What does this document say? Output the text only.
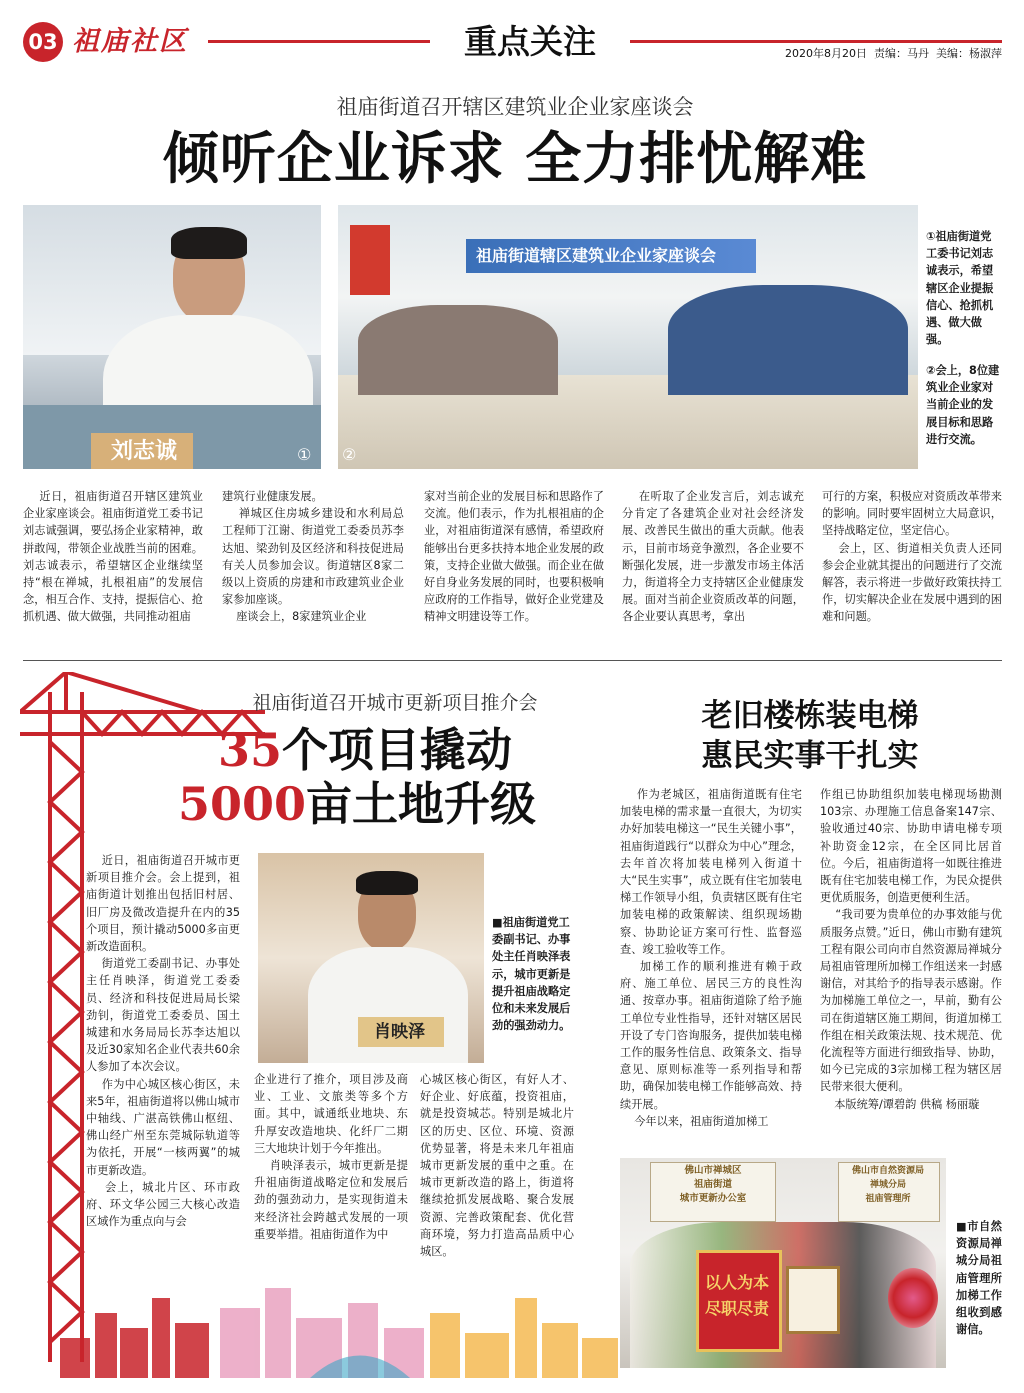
03 祖庙社区	重点关注	2020年8月20日  责编：马丹  美编：杨淑萍
祖庙街道召开辖区建筑业企业家座谈会
倾听企业诉求 全力排忧解难
刘志诚	①
祖庙街道辖区建筑业企业家座谈会
②
①祖庙街道党工委书记刘志诚表示，希望辖区企业提振信心、抢抓机遇、做大做强。
②会上，8位建筑业企业家对当前企业的发展目标和思路进行交流。
近日，祖庙街道召开辖区建筑业企业家座谈会。祖庙街道党工委书记刘志诚强调，要弘扬企业家精神，敢拼敢闯，带领企业战胜当前的困难。刘志诚表示，希望辖区企业继续坚持“根在禅城，扎根祖庙”的发展信念，相互合作、支持，提振信心、抢抓机遇、做大做强，共同推动祖庙
建筑行业健康发展。
禅城区住房城乡建设和水利局总工程师丁江谢、街道党工委委员苏李达旭、梁劲钊及区经济和科技促进局有关人员参加会议。街道辖区8家二级以上资质的房建和市政建筑业企业家参加座谈。
座谈会上，8家建筑业企业
家对当前企业的发展目标和思路作了交流。他们表示，作为扎根祖庙的企业，对祖庙街道深有感情，希望政府能够出台更多扶持本地企业发展的政策，支持企业做大做强。而企业在做好自身业务发展的同时，也要积极响应政府的工作指导，做好企业党建及精神文明建设等工作。
在听取了企业发言后，刘志诚充分肯定了各建筑企业对社会经济发展、改善民生做出的重大贡献。他表示，目前市场竞争激烈，各企业要不断强化发展，进一步激发市场主体活力，街道将全力支持辖区企业健康发展。面对当前企业资质改革的问题，各企业要认真思考，拿出
可行的方案，积极应对资质改革带来的影响。同时要牢固树立大局意识，坚持战略定位，坚定信心。
会上，区、街道相关负责人还同参会企业就其提出的问题进行了交流解答，表示将进一步做好政策扶持工作，切实解决企业在发展中遇到的困难和问题。
祖庙街道召开城市更新项目推介会
35个项目撬动
5000亩土地升级
肖映泽
■祖庙街道党工委副书记、办事处主任肖映泽表示，城市更新是提升祖庙战略定位和未来发展后劲的强劲动力。
近日，祖庙街道召开城市更新项目推介会。会上提到，祖庙街道计划推出包括旧村居、旧厂房及微改造提升在内的35个项目，预计撬动5000多亩更新改造面积。
街道党工委副书记、办事处主任肖映泽，街道党工委委员、经济和科技促进局局长梁劲钊，街道党工委委员、国土城建和水务局局长苏李达旭以及近30家知名企业代表共60余人参加了本次会议。
作为中心城区核心街区，未来5年，祖庙街道将以佛山城市中轴线、广湛高铁佛山枢纽、佛山经广州至东莞城际轨道等为依托，开展“一核两翼”的城市更新改造。
会上，城北片区、环市政府、环文华公园三大核心改造区域作为重点向与会
企业进行了推介，项目涉及商业、工业、文旅类等多个方面。其中，诚通纸业地块、东升厚安改造地块、化纤厂二期三大地块计划于今年推出。
肖映泽表示，城市更新是提升祖庙街道战略定位和发展后劲的强劲动力，是实现街道未来经济社会跨越式发展的一项重要举措。祖庙街道作为中
心城区核心街区，有好人才、好企业、好底蕴，投资祖庙，就是投资城芯。特别是城北片区的历史、区位、环境、资源优势显著，将是未来几年祖庙城市更新发展的重中之重。在城市更新改造的路上，街道将继续抢抓发展战略、聚合发展资源、完善政策配套、优化营商环境，努力打造高品质中心城区。
老旧楼栋装电梯
惠民实事干扎实
作为老城区，祖庙街道既有住宅加装电梯的需求量一直很大，为切实办好加装电梯这一“民生关键小事”，祖庙街道践行“以群众为中心”理念，去年首次将加装电梯列入街道十大“民生实事”，成立既有住宅加装电梯工作领导小组，负责辖区既有住宅加装电梯的政策解读、组织现场勘察、协助论证方案可行性、监督巡查、竣工验收等工作。
加梯工作的顺利推进有赖于政府、施工单位、居民三方的良性沟通、按章办事。祖庙街道除了给予施工单位专业性指导，还针对辖区居民开设了专门咨询服务，提供加装电梯工作的服务性信息、政策条文、指导意见、原则标准等一系列指导和帮助，确保加装电梯工作能够高效、持续开展。
今年以来，祖庙街道加梯工
作组已协助组织加装电梯现场勘测103宗、办理施工信息备案147宗、验收通过40宗、协助申请电梯专项补助资金12宗，在全区同比居首位。今后，祖庙街道将一如既往推进既有住宅加装电梯工作，为民众提供更优质服务，创造更便利生活。
“我司要为贵单位的办事效能与优质服务点赞。”近日，佛山市勤有建筑工程有限公司向市自然资源局禅城分局祖庙管理所加梯工作组送来一封感谢信，对其给予的指导表示感谢。作为加梯施工单位之一，早前，勤有公司在街道辖区施工期间，街道加梯工作组在相关政策法规、技术规范、优化流程等方面进行细致指导、协助，如今已完成的3宗加梯工程为辖区居民带来很大便利。
本版统筹/谭碧韵 供稿 杨丽璇
佛山市禅城区
祖庙街道
城市更新办公室
佛山市自然资源局
禅城分局
祖庙管理所
以人为本
尽职尽责
■市自然资源局禅城分局祖庙管理所加梯工作组收到感谢信。
